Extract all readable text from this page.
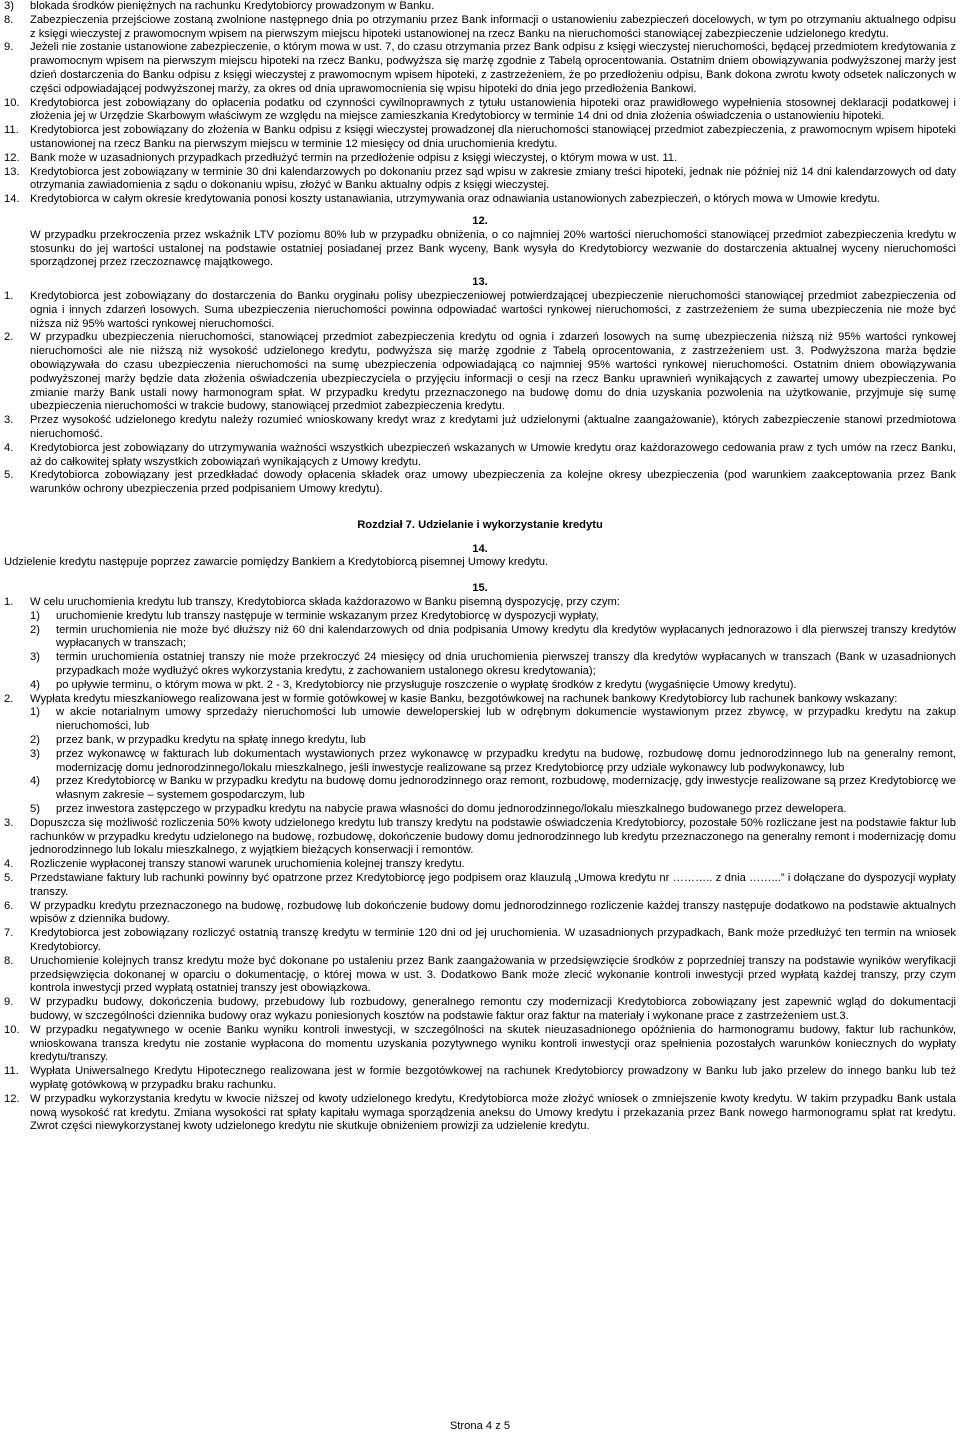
3)	blokada środków pieniężnych na rachunku Kredytobiorcy prowadzonym w Banku.
8.	Zabezpieczenia przejściowe zostaną zwolnione następnego dnia po otrzymaniu przez Bank informacji o ustanowieniu zabezpieczeń docelowych, w tym po otrzymaniu aktualnego odpisu z księgi wieczystej z prawomocnym wpisem na pierwszym miejscu hipoteki ustanowionej na rzecz Banku na nieruchomości stanowiącej zabezpieczenie udzielonego kredytu.
9.	Jeżeli nie zostanie ustanowione zabezpieczenie, o którym mowa w ust. 7, do czasu otrzymania przez Bank odpisu z księgi wieczystej nieruchomości, będącej przedmiotem kredytowania z prawomocnym wpisem na pierwszym miejscu hipoteki na rzecz Banku, podwyższa się marżę zgodnie z Tabelą oprocentowania. Ostatnim dniem obowiązywania podwyższonej marży jest dzień dostarczenia do Banku odpisu z księgi wieczystej z prawomocnym wpisem hipoteki, z zastrzeżeniem, że po przedłożeniu odpisu, Bank dokona zwrotu kwoty odsetek naliczonych w części odpowiadającej podwyższonej marży, za okres od dnia uprawomocnienia się wpisu hipoteki do dnia jego przedłożenia Bankowi.
10. Kredytobiorca jest zobowiązany do opłacenia podatku od czynności cywilnoprawnych z tytułu ustanowienia hipoteki oraz prawidłowego wypełnienia stosownej deklaracji podatkowej i złożenia jej w Urzędzie Skarbowym właściwym ze względu na miejsce zamieszkania Kredytobiorcy w terminie 14 dni od dnia złożenia oświadczenia o ustanowieniu hipoteki.
11.	Kredytobiorca jest zobowiązany do złożenia w Banku odpisu z księgi wieczystej prowadzonej dla nieruchomości stanowiącej przedmiot zabezpieczenia, z prawomocnym wpisem hipoteki ustanowionej na rzecz Banku na pierwszym miejscu w terminie 12 miesięcy od dnia uruchomienia kredytu.
12. Bank może w uzasadnionych przypadkach przedłużyć termin na przedłożenie odpisu z księgi wieczystej, o którym mowa w ust. 11.
13. Kredytobiorca jest zobowiązany w terminie 30 dni kalendarzowych po dokonaniu przez sąd wpisu w zakresie zmiany treści hipoteki, jednak nie później niż 14 dni kalendarzowych od daty otrzymania zawiadomienia z sądu o dokonaniu wpisu, złożyć w Banku aktualny odpis z księgi wieczystej.
14. Kredytobiorca w całym okresie kredytowania ponosi koszty ustanawiania, utrzymywania oraz odnawiania ustanowionych zabezpieczeń, o których mowa w Umowie kredytu.
12.

W przypadku przekroczenia przez wskaźnik LTV poziomu 80% lub w przypadku obniżenia, o co najmniej 20% wartości nieruchomości stanowiącej przedmiot zabezpieczenia kredytu w stosunku do jej wartości ustalonej na podstawie ostatniej posiadanej przez Bank wyceny, Bank wysyła do Kredytobiorcy wezwanie do dostarczenia aktualnej wyceny nieruchomości sporządzonej przez rzeczoznawcę majątkowego.

13.
1.	Kredytobiorca jest zobowiązany do dostarczenia do Banku oryginału polisy ubezpieczeniowej potwierdzającej ubezpieczenie nieruchomości stanowiącej przedmiot zabezpieczenia od ognia i innych zdarzeń losowych. Suma ubezpieczenia nieruchomości powinna odpowiadać wartości rynkowej nieruchomości, z zastrzeżeniem że suma ubezpieczenia nie może być niższa niż 95% wartości rynkowej nieruchomości.
2.	W przypadku ubezpieczenia nieruchomości, stanowiącej przedmiot zabezpieczenia kredytu od ognia i zdarzeń losowych na sumę ubezpieczenia niższą niż 95% wartości rynkowej nieruchomości ale nie niższą niż wysokość udzielonego kredytu, podwyższa się marżę zgodnie z Tabelą oprocentowania, z zastrzeżeniem ust. 3. Podwyższona marża będzie obowiązywała do czasu ubezpieczenia nieruchomości na sumę ubezpieczenia odpowiadającą co najmniej 95% wartości rynkowej nieruchomości. Ostatnim dniem obowiązywania podwyższonej marży będzie data złożenia oświadczenia ubezpieczyciela o przyjęciu informacji o cesji na rzecz Banku uprawnień wynikających z zawartej umowy ubezpieczenia. Po zmianie marży Bank ustali nowy harmonogram spłat. W przypadku kredytu przeznaczonego na budowę domu do dnia uzyskania pozwolenia na użytkowanie, przyjmuje się sumę ubezpieczenia nieruchomości w trakcie budowy, stanowiącej przedmiot zabezpieczenia kredytu.
3.	Przez wysokość udzielonego kredytu należy rozumieć wnioskowany kredyt wraz z kredytami już udzielonymi (aktualne zaangażowanie), których zabezpieczenie stanowi przedmiotowa nieruchomość.
4.	Kredytobiorca jest zobowiązany do utrzymywania ważności wszystkich ubezpieczeń wskazanych w Umowie kredytu oraz każdorazowego cedowania praw z tych umów na rzecz Banku, aż do całkowitej spłaty wszystkich zobowiązań wynikających z Umowy kredytu.
5.	Kredytobiorca zobowiązany jest przedkładać dowody opłacenia składek oraz umowy ubezpieczenia za kolejne okresy ubezpieczenia (pod warunkiem zaakceptowania przez Bank warunków ochrony ubezpieczenia przed podpisaniem Umowy kredytu).
Rozdział 7. Udzielanie i wykorzystanie kredytu
14.

Udzielenie kredytu następuje poprzez zawarcie pomiędzy Bankiem a Kredytobiorcą pisemnej Umowy kredytu.

15.
1.	W celu uruchomienia kredytu lub transzy, Kredytobiorca składa każdorazowo w Banku pisemną dyspozycję, przy czym:
1)	uruchomienie kredytu lub transzy następuje w terminie wskazanym przez Kredytobiorcę w dyspozycji wypłaty,
2)	termin uruchomienia nie może być dłuższy niż 60 dni kalendarzowych od dnia podpisania Umowy kredytu dla kredytów wypłacanych jednorazowo i dla pierwszej transzy kredytów wypłacanych w transzach;
3)	termin uruchomienia ostatniej transzy nie może przekroczyć 24 miesięcy od dnia uruchomienia pierwszej transzy dla kredytów wypłacanych w transzach (Bank w uzasadnionych przypadkach może wydłużyć okres wykorzystania kredytu, z zachowaniem ustalonego okresu kredytowania);
4)	po upływie terminu, o którym mowa w pkt. 2 - 3, Kredytobiorcy nie przysługuje roszczenie o wypłatę środków z kredytu (wygaśnięcie Umowy kredytu).
2.	Wypłata kredytu mieszkaniowego realizowana jest w formie gotówkowej w kasie Banku, bezgotówkowej na rachunek bankowy Kredytobiorcy lub rachunek bankowy wskazany:
1)	w akcie notarialnym umowy sprzedaży nieruchomości lub umowie deweloperskiej lub w odrębnym dokumencie wystawionym przez zbywcę, w przypadku kredytu na zakup nieruchomości, lub
2)	przez bank, w przypadku kredytu na spłatę innego kredytu, lub
3)	przez wykonawcę w fakturach lub dokumentach wystawionych przez wykonawcę w przypadku kredytu na budowę, rozbudowę domu jednorodzinnego lub na generalny remont, modernizację domu jednorodzinnego/lokalu mieszkalnego, jeśli inwestycje realizowane są przez Kredytobiorcę przy udziale wykonawcy lub podwykonawcy, lub
4)	przez Kredytobiorcę w Banku w przypadku kredytu na budowę domu jednorodzinnego oraz remont, rozbudowę, modernizację, gdy inwestycje realizowane są przez Kredytobiorcę we własnym zakresie – systemem gospodarczym, lub
5)	przez inwestora zastępczego w przypadku kredytu na nabycie prawa własności do domu jednorodzinnego/lokalu mieszkalnego budowanego przez dewelopera.
3.	Dopuszcza się możliwość rozliczenia 50% kwoty udzielonego kredytu lub transzy kredytu na podstawie oświadczenia Kredytobiorcy, pozostałe 50% rozliczane jest na podstawie faktur lub rachunków w przypadku kredytu udzielonego na budowę, rozbudowę, dokończenie budowy domu jednorodzinnego lub kredytu przeznaczonego na generalny remont i modernizację domu jednorodzinnego lub lokalu mieszkalnego, z wyjątkiem bieżących konserwacji i remontów.
4.	Rozliczenie wypłaconej transzy stanowi warunek uruchomienia kolejnej transzy kredytu.
5.	Przedstawiane faktury lub rachunki powinny być opatrzone przez Kredytobiorcę jego podpisem oraz klauzulą „Umowa kredytu nr ……….. z dnia ……...” i dołączane do dyspozycji wypłaty transzy.
6.	W przypadku kredytu przeznaczonego na budowę, rozbudowę lub dokończenie budowy domu jednorodzinnego rozliczenie każdej transzy następuje dodatkowo na podstawie aktualnych wpisów z dziennika budowy.
7.	Kredytobiorca jest zobowiązany rozliczyć ostatnią transzę kredytu w terminie 120 dni od jej uruchomienia. W uzasadnionych przypadkach, Bank może przedłużyć ten termin na wniosek Kredytobiorcy.
8.	Uruchomienie kolejnych transz kredytu może być dokonane po ustaleniu przez Bank zaangażowania w przedsięwzięcie środków z poprzedniej transzy na podstawie wyników weryfikacji przedsięwzięcia dokonanej w oparciu o dokumentację, o której mowa w ust. 3. Dodatkowo Bank może zlecić wykonanie kontroli inwestycji przed wypłatą każdej transzy, przy czym kontrola inwestycji przed wypłatą ostatniej transzy jest obowiązkowa.
9.	W przypadku budowy, dokończenia budowy, przebudowy lub rozbudowy, generalnego remontu czy modernizacji Kredytobiorca zobowiązany jest zapewnić wgląd do dokumentacji budowy, w szczególności dziennika budowy oraz wykazu poniesionych kosztów na podstawie faktur oraz faktur na materiały i wykonane prace z zastrzeżeniem ust.3.
10. W przypadku negatywnego w ocenie Banku wyniku kontroli inwestycji, w szczególności na skutek nieuzasadnionego opóźnienia do harmonogramu budowy, faktur lub rachunków, wnioskowana transza kredytu nie zostanie wypłacona do momentu uzyskania pozytywnego wyniku kontroli inwestycji oraz spełnienia pozostałych warunków koniecznych do wypłaty kredytu/transzy.
11.	Wypłata Uniwersalnego Kredytu Hipotecznego realizowana jest w formie bezgotówkowej na rachunek Kredytobiorcy prowadzony w Banku lub jako przelew do innego banku lub też wypłatę gotówkową w przypadku braku rachunku.
12. W przypadku wykorzystania kredytu w kwocie niższej od kwoty udzielonego kredytu, Kredytobiorca może złożyć wniosek o zmniejszenie kwoty kredytu. W takim przypadku Bank ustala nową wysokość rat kredytu. Zmiana wysokości rat spłaty kapitału wymaga sporządzenia aneksu do Umowy kredytu i przekazania przez Bank nowego harmonogramu spłat rat kredytu. Zwrot części niewykorzystanej kwoty udzielonego kredytu nie skutkuje obniżeniem prowizji za udzielenie kredytu.
Strona 4 z 5
